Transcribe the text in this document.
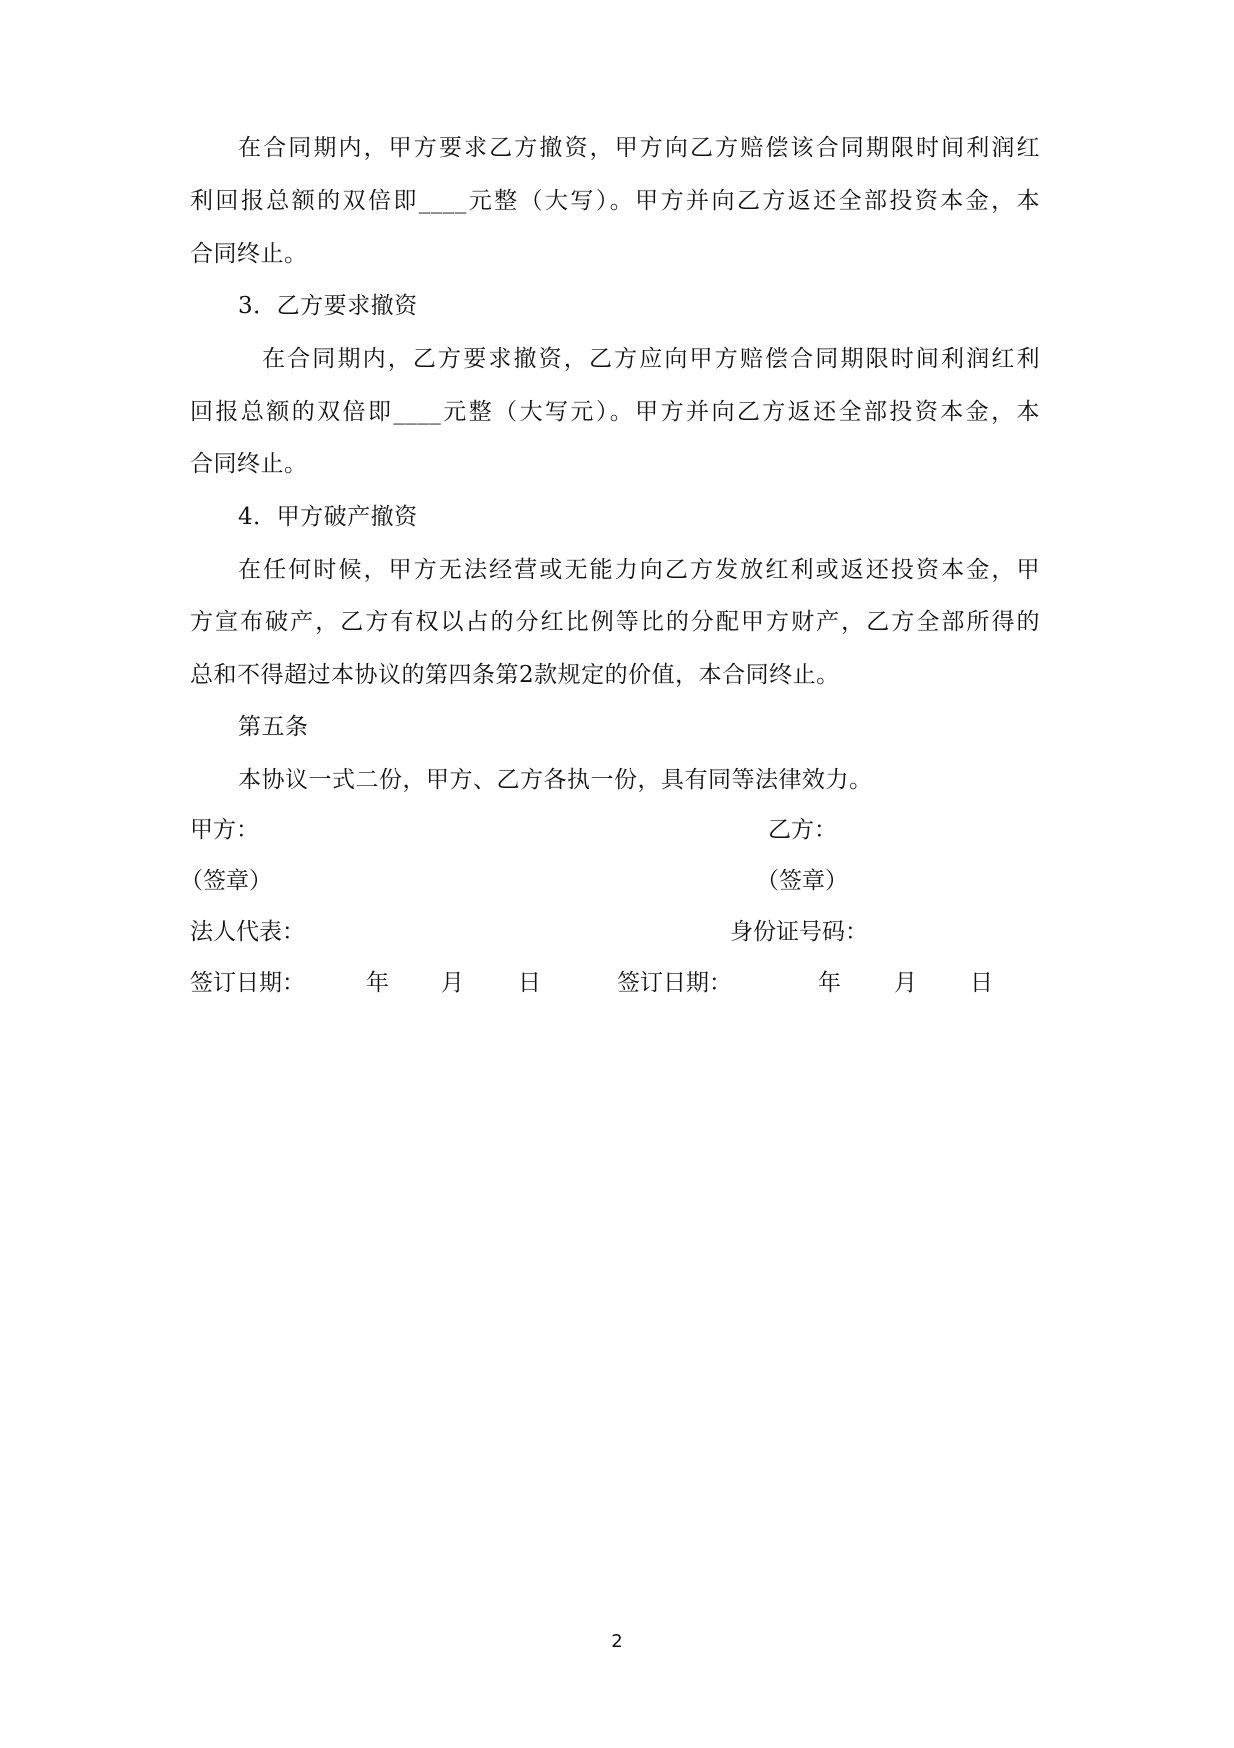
在合同期内，甲方要求乙方撤资，甲方向乙方赔偿该合同期限时间利润红
利回报总额的双倍即____元整（大写）。甲方并向乙方返还全部投资本金，本
合同终止。
3．乙方要求撤资
在合同期内，乙方要求撤资，乙方应向甲方赔偿合同期限时间利润红利
回报总额的双倍即____元整（大写元）。甲方并向乙方返还全部投资本金，本
合同终止。
4．甲方破产撤资
在任何时候，甲方无法经营或无能力向乙方发放红利或返还投资本金，甲
方宣布破产，乙方有权以占的分红比例等比的分配甲方财产，乙方全部所得的
总和不得超过本协议的第四条第2款规定的价值，本合同终止。
第五条
本协议一式二份，甲方、乙方各执一份，具有同等法律效力。
甲方：	乙方：
（签章）	（签章）
法人代表：	身份证号码：
签订日期：	年 月 日	签订日期：	年 月 日
2
